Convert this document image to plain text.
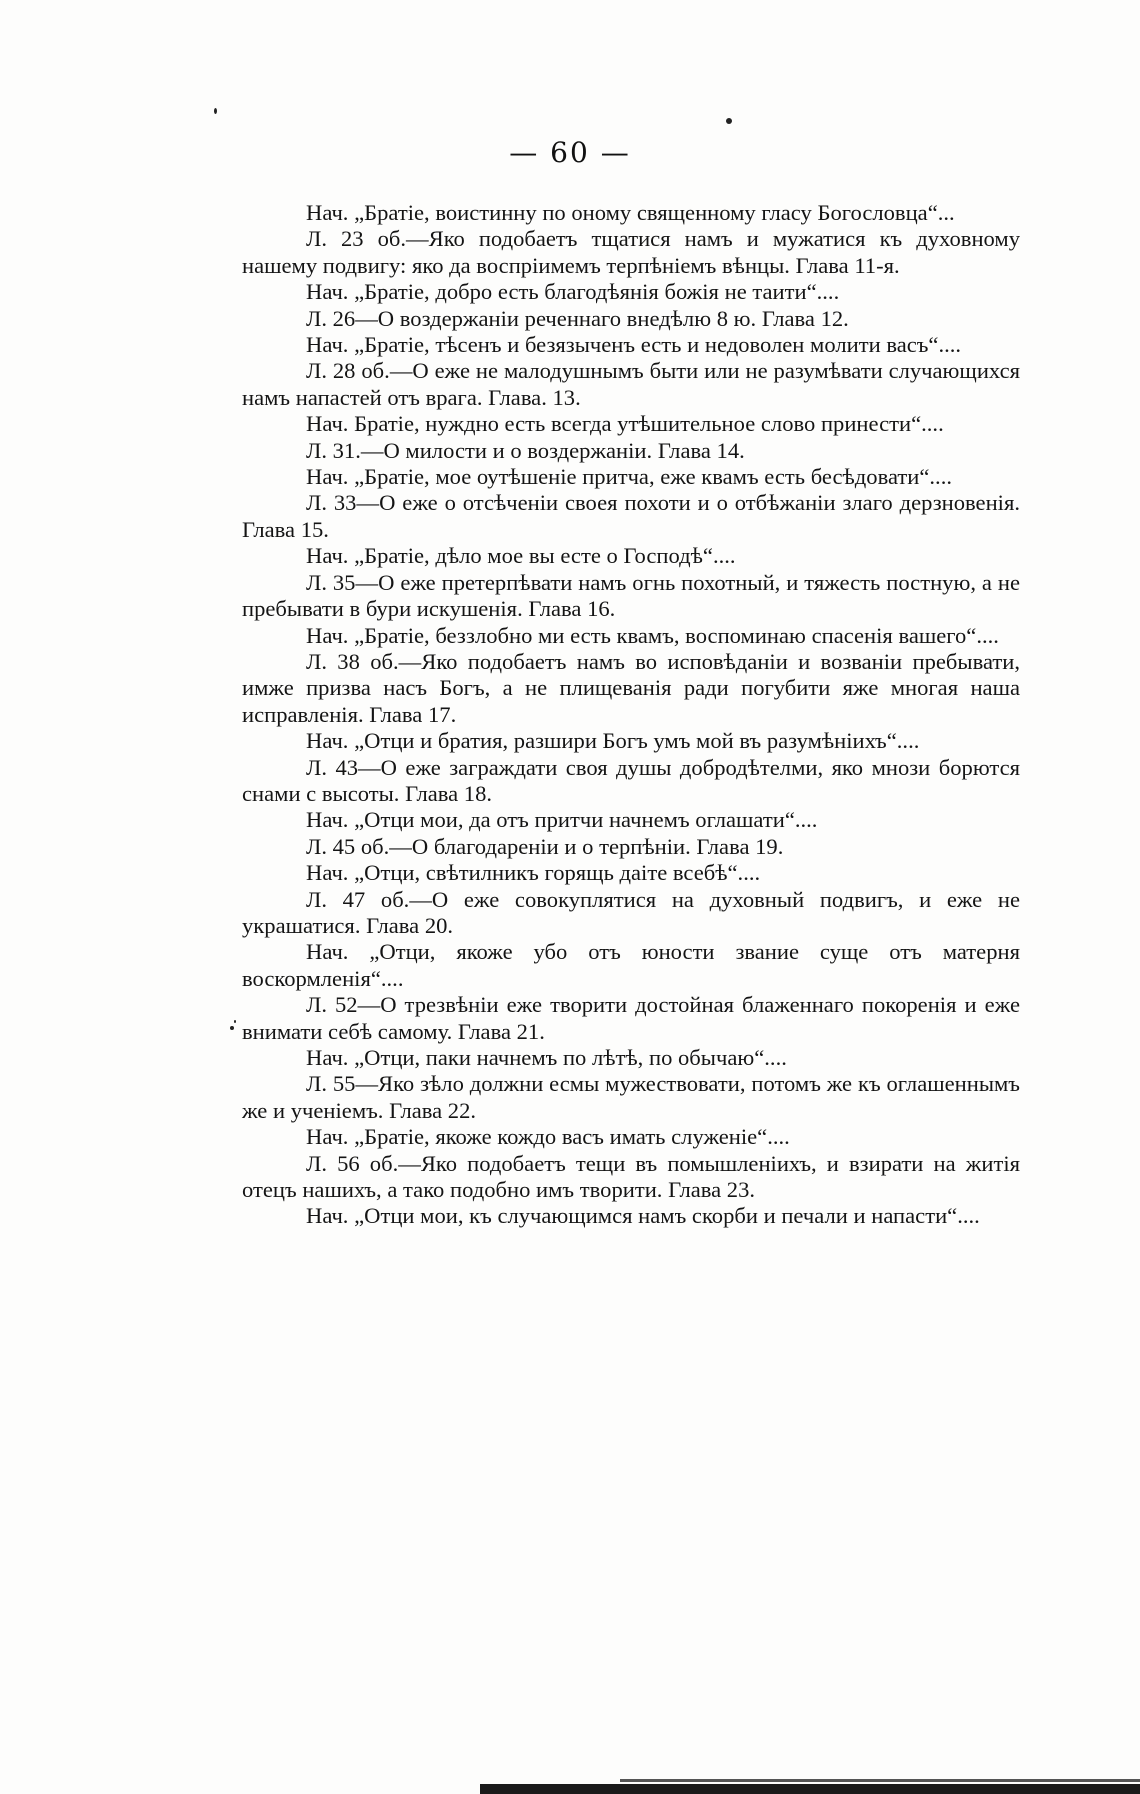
— 60 —

Нач. „Братіе, воистинну по оному священному гласу Богословца“...

Л. 23 об.—Яко подобаетъ тщатися намъ и мужатися къ духовному нашему подвигу: яко да воспріимемъ терпѣніемъ вѣнцы. Глава 11-я.

Нач. „Братіе, добро есть благодѣянія божія не таити“....

Л. 26—О воздержаніи реченнаго внедѣлю 8 ю. Глава 12.

Нач. „Братіе, тѣсенъ и безязыченъ есть и недоволен молити васъ“....

Л. 28 об.—О еже не малодушнымъ быти или не разумѣвати случающихся намъ напастей отъ врага. Глава. 13.

Нач. Братіе, нуждно есть всегда утѣшительное слово принести“....

Л. 31.—О милости и о воздержаніи. Глава 14.

Нач. „Братіе, мое оутѣшеніе притча, еже квамъ есть бесѣдовати“....

Л. 33—О еже о отсѣченіи своея похоти и о отбѣжаніи злаго дерзновенія. Глава 15.

Нач. „Братіе, дѣло мое вы есте о Господѣ“....

Л. 35—О еже претерпѣвати намъ огнь похотный, и тяжесть постную, а не пребывати в бури искушенія. Глава 16.

Нач. „Братіе, беззлобно ми есть квамъ, воспоминаю спасенія вашего“....

Л. 38 об.—Яко подобаетъ намъ во исповѣданіи и возваніи пребывати, имже призва насъ Богъ, а не плищеванія ради погубити яже многая наша исправленія. Глава 17.

Нач. „Отци и братия, разшири Богъ умъ мой въ разумѣніихъ“....

Л. 43—О еже заграждати своя душы добродѣтелми, яко мнози борются снами с высоты. Глава 18.

Нач. „Отци мои, да отъ притчи начнемъ оглашати“....

Л. 45 об.—О благодареніи и о терпѣніи. Глава 19.

Нач. „Отци, свѣтилникъ горящь даіте всебѣ“....

Л. 47 об.—О еже совокуплятися на духовный подвигъ, и еже не украшатися. Глава 20.

Нач. „Отци, якоже убо отъ юности звание суще отъ матерня воскормленія“....

Л. 52—О трезвѣніи еже творити достойная блаженнаго покоренія и еже внимати себѣ самому. Глава 21.

Нач. „Отци, паки начнемъ по лѣтѣ, по обычаю“....

Л. 55—Яко зѣло должни есмы мужествовати, потомъ же къ оглашеннымъ же и ученіемъ. Глава 22.

Нач. „Братіе, якоже кождо васъ имать служеніе“....

Л. 56 об.—Яко подобаетъ тещи въ помышленіихъ, и взирати на житія отецъ нашихъ, а тако подобно имъ творити. Глава 23.

Нач. „Отци мои, къ случающимся намъ скорби и печали и напасти“....
